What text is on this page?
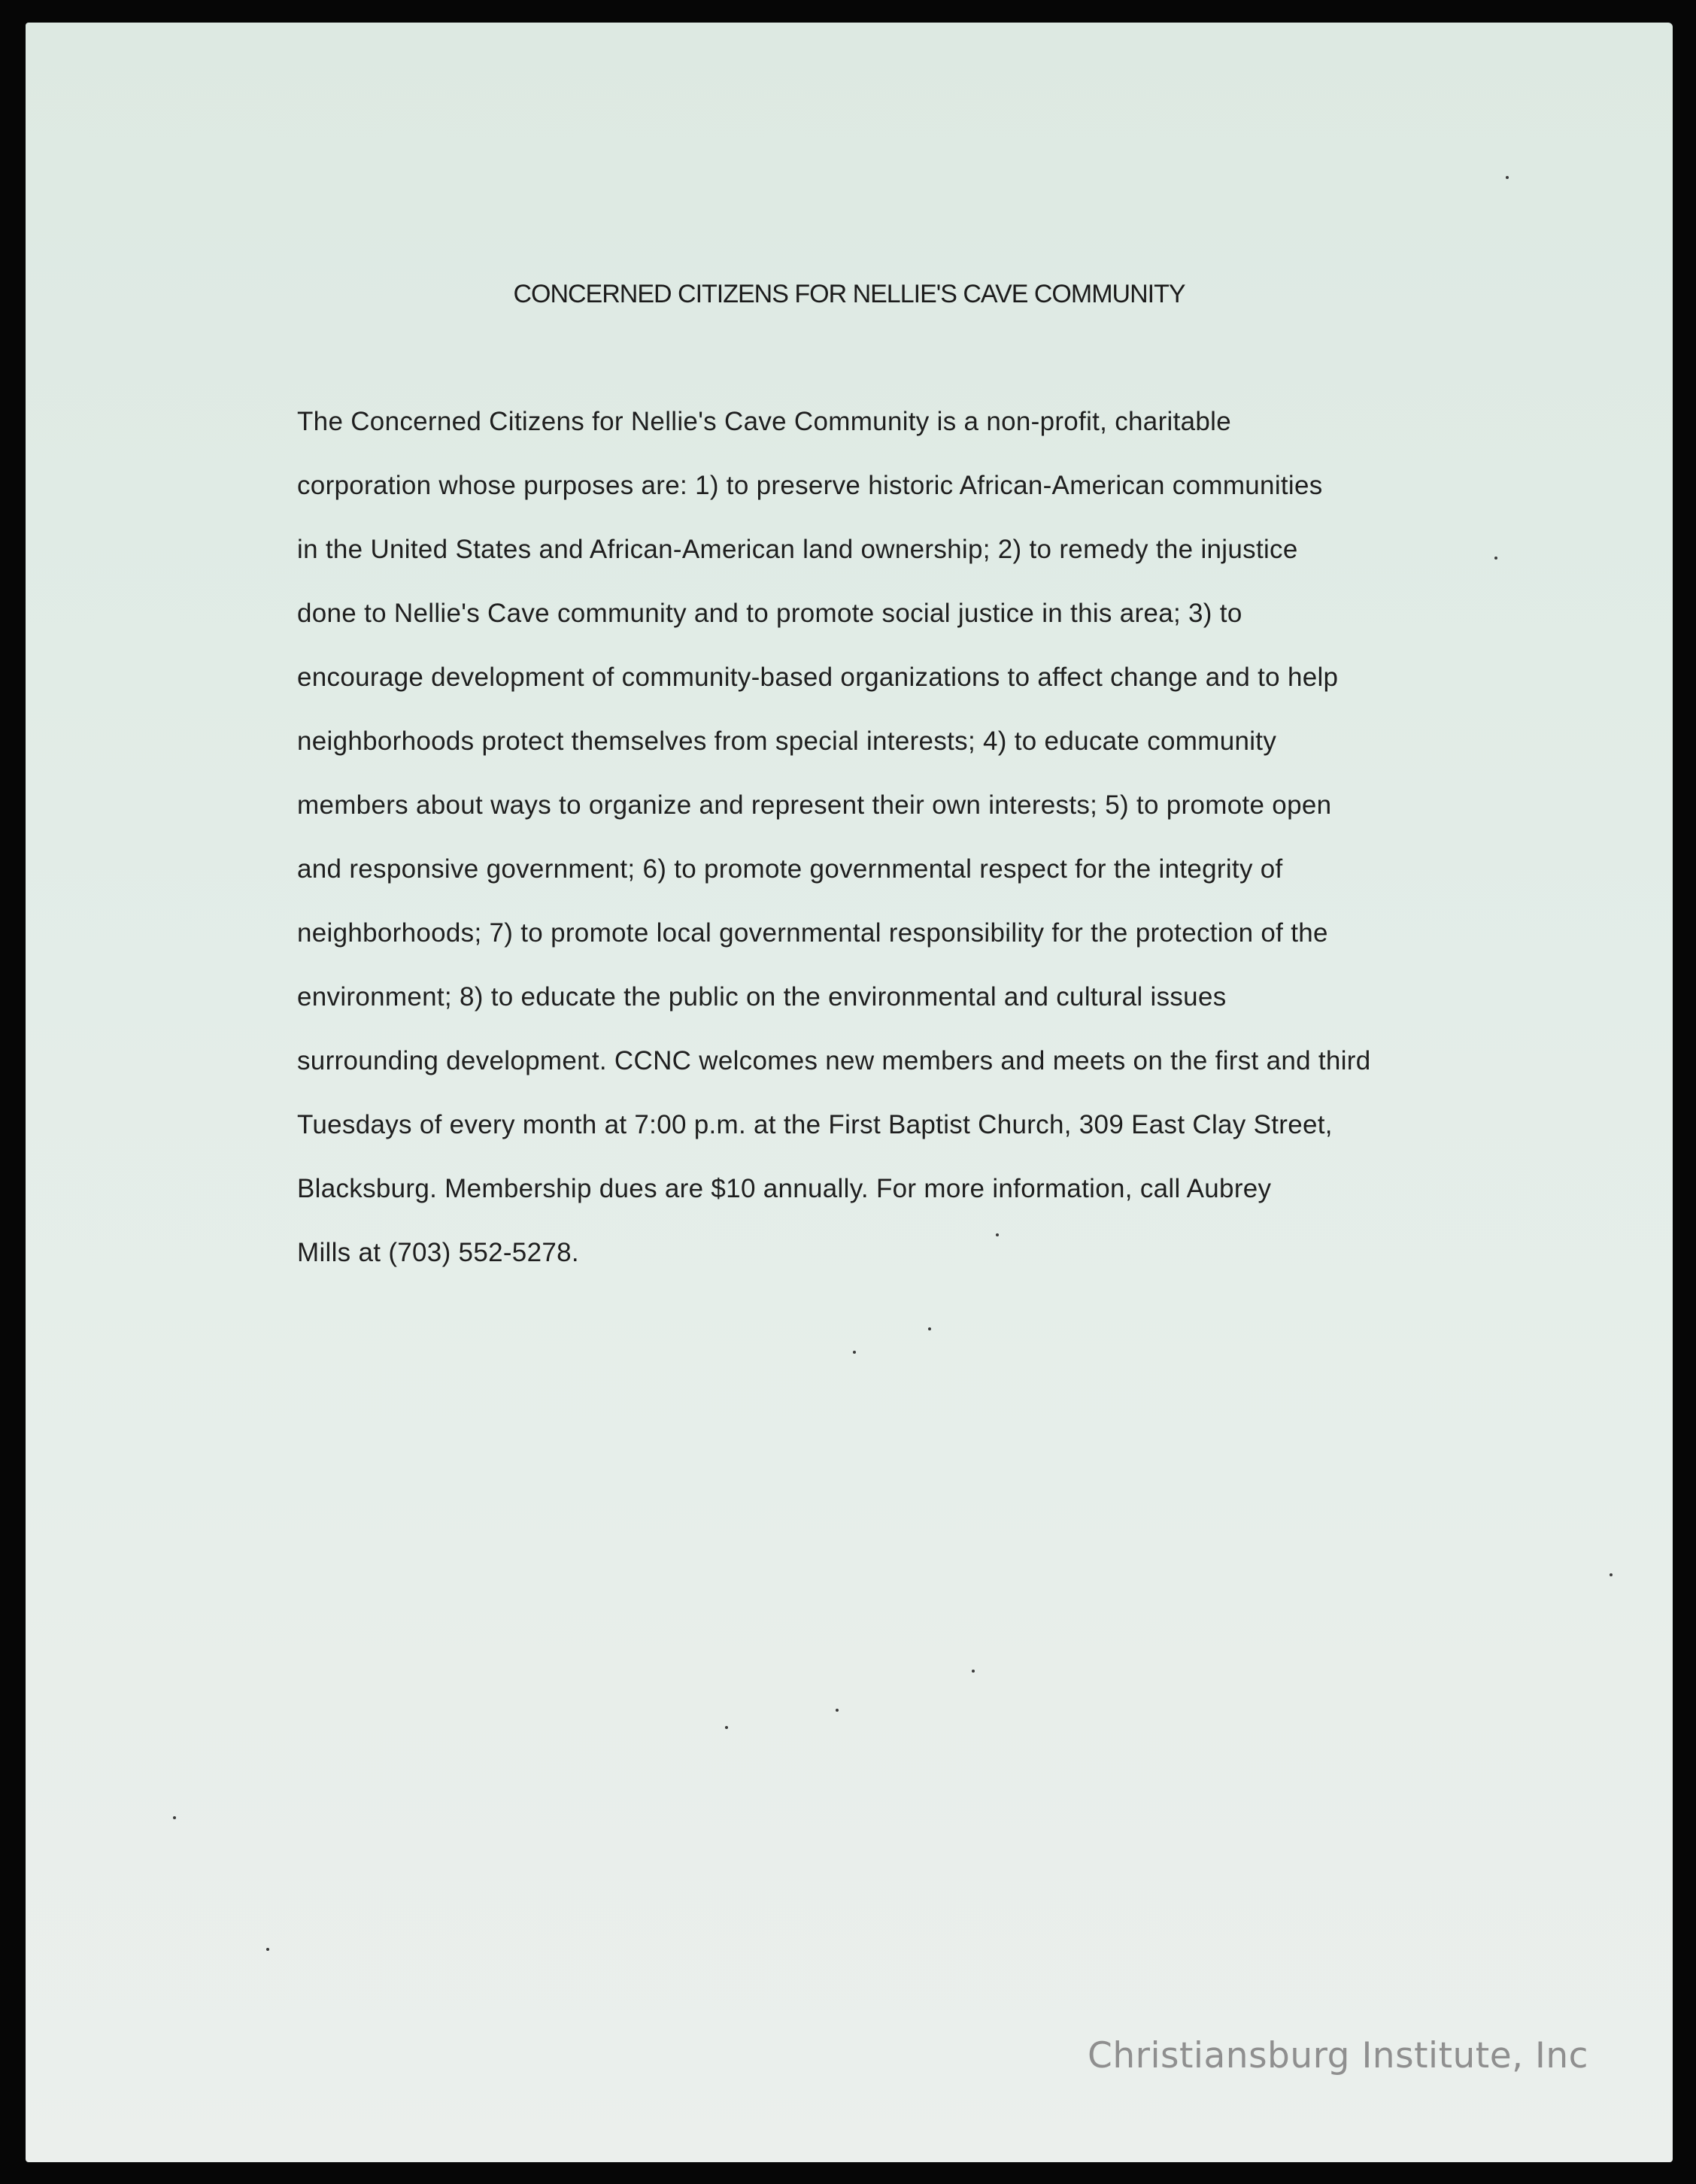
CONCERNED CITIZENS FOR NELLIE'S CAVE COMMUNITY
The Concerned Citizens for Nellie's Cave Community is a non-profit, charitable
corporation whose purposes are: 1) to preserve historic African-American communities
in the United States and African-American land ownership; 2) to remedy the injustice
done to Nellie's Cave community and to promote social justice in this area; 3) to
encourage development of community-based organizations to affect change and to help
neighborhoods protect themselves from special interests; 4) to educate community
members about ways to organize and represent their own interests; 5) to promote open
and responsive government; 6) to promote governmental respect for the integrity of
neighborhoods; 7) to promote local governmental responsibility for the protection of the
environment; 8) to educate the public on the environmental and cultural issues
surrounding development. CCNC welcomes new members and meets on the first and third
Tuesdays of every month at 7:00 p.m. at the First Baptist Church, 309 East Clay Street,
Blacksburg. Membership dues are $10 annually. For more information, call Aubrey
Mills at (703) 552-5278.
Christiansburg Institute, Inc
